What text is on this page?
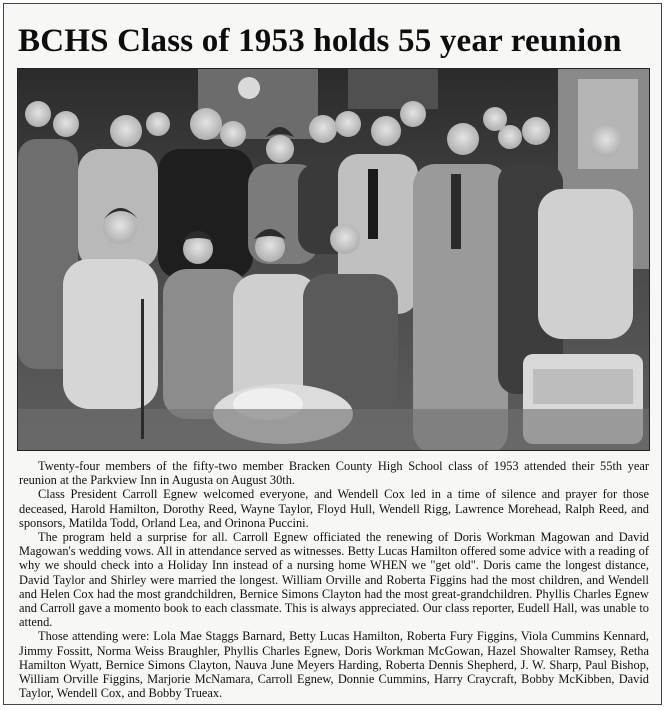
BCHS Class of 1953 holds 55 year reunion

Twenty-four members of the fifty-two member Bracken County High School class of 1953 attended their 55th year reunion at the Parkview Inn in Augusta on August 30th.

Class President Carroll Egnew welcomed everyone, and Wendell Cox led in a time of silence and prayer for those deceased, Harold Hamilton, Dorothy Reed, Wayne Taylor, Floyd Hull, Wendell Rigg, Lawrence Morehead, Ralph Reed, and sponsors, Matilda Todd, Orland Lea, and Orinona Puccini.

The program held a surprise for all. Carroll Egnew officiated the renewing of Doris Workman Magowan and David Magowan's wedding vows. All in attendance served as witnesses. Betty Lucas Hamilton offered some advice with a reading of why we should check into a Holiday Inn instead of a nursing home WHEN we "get old". Doris came the longest distance, David Taylor and Shirley were married the longest. William Orville and Roberta Figgins had the most children, and Wendell and Helen Cox had the most grandchildren, Bernice Simons Clayton had the most great-grandchildren. Phyllis Charles Egnew and Carroll gave a momento book to each classmate. This is always appreciated. Our class reporter, Eudell Hall, was unable to attend.

Those attending were: Lola Mae Staggs Barnard, Betty Lucas Hamilton, Roberta Fury Figgins, Viola Cummins Kennard, Jimmy Fossitt, Norma Weiss Braughler, Phyllis Charles Egnew, Doris Workman McGowan, Hazel Showalter Ramsey, Retha Hamilton Wyatt, Bernice Simons Clayton, Nauva June Meyers Harding, Roberta Dennis Shepherd, J. W. Sharp, Paul Bishop, William Orville Figgins, Marjorie McNamara, Carroll Egnew, Donnie Cummins, Harry Craycraft, Bobby McKibben, David Taylor, Wendell Cox, and Bobby Trueax.
